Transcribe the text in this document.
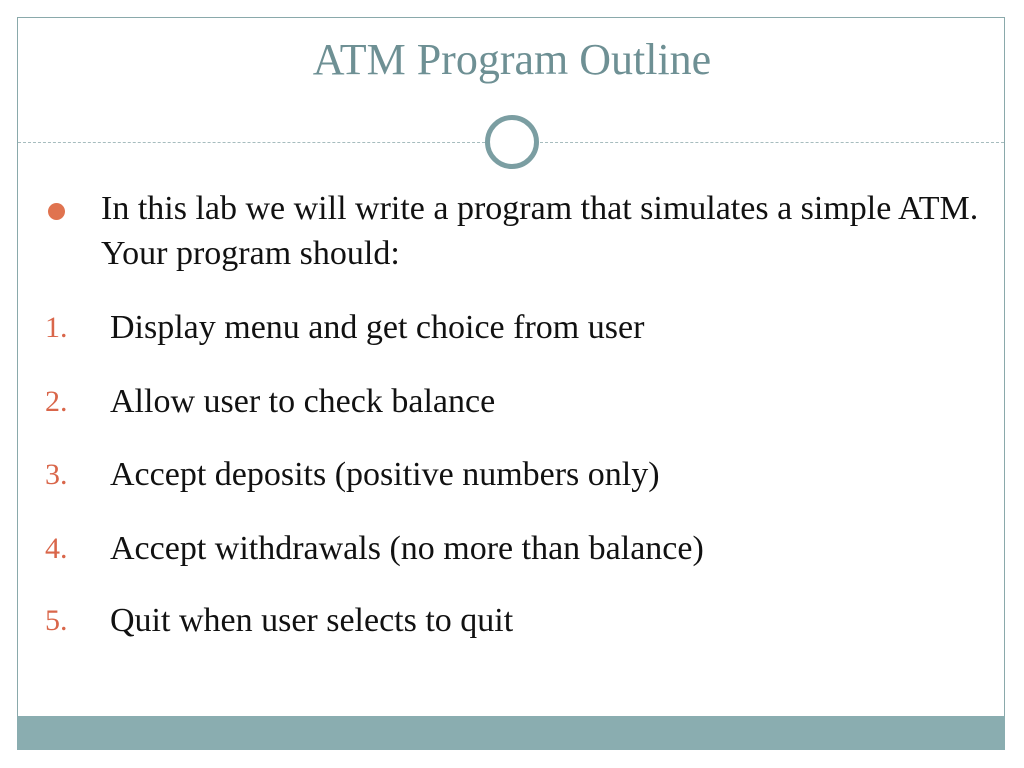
ATM Program Outline
In this lab we will write a program that simulates a simple ATM. Your program should:
1. Display menu and get choice from user
2. Allow user to check balance
3. Accept deposits (positive numbers only)
4. Accept withdrawals (no more than balance)
5. Quit when user selects to quit
